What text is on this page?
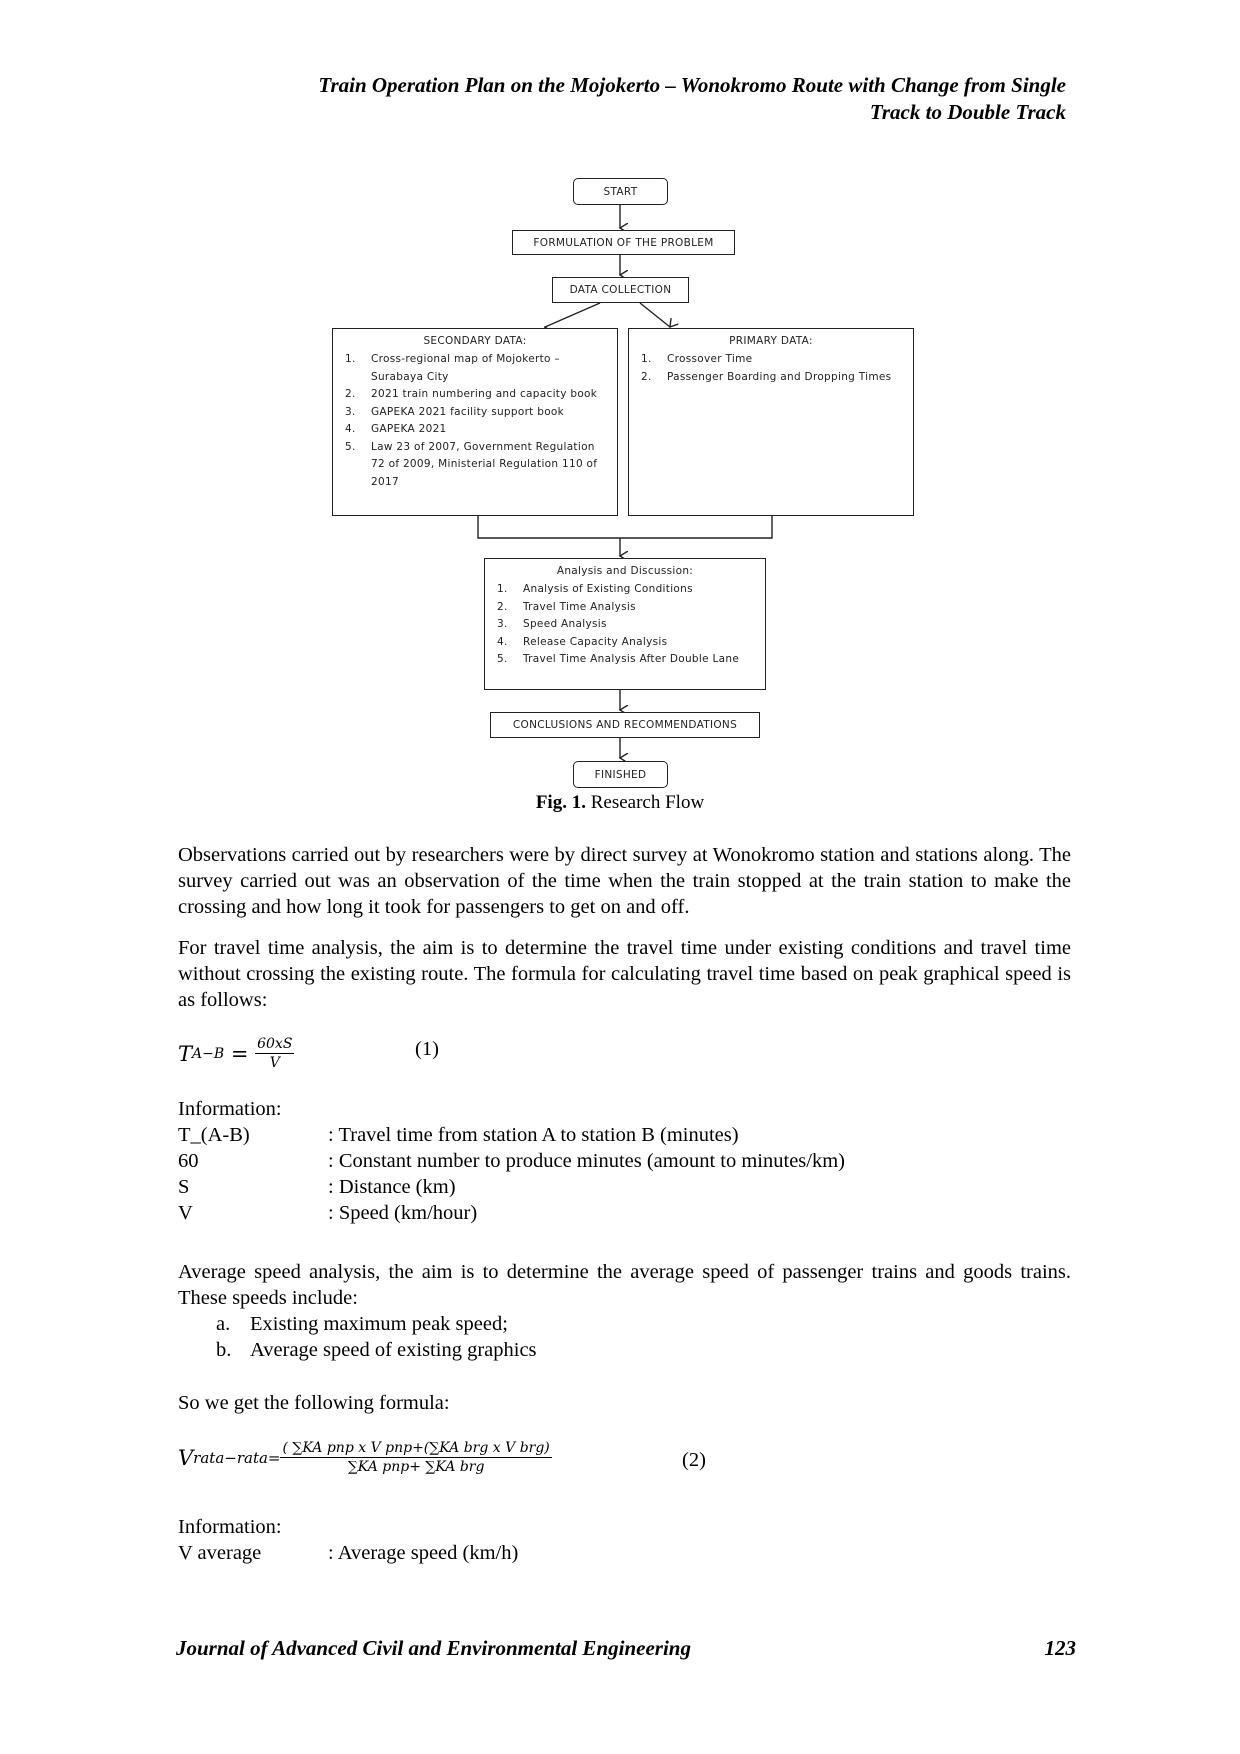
Train Operation Plan on the Mojokerto – Wonokromo Route with Change from Single
Track to Double Track
START
FORMULATION OF THE PROBLEM
DATA COLLECTION
SECONDARY DATA:
1.	Cross-regional map of Mojokerto – Surabaya City
2.	2021 train numbering and capacity book
3.	GAPEKA 2021 facility support book
4.	GAPEKA 2021
5.	Law 23 of 2007, Government Regulation 72 of 2009, Ministerial Regulation 110 of 2017
PRIMARY DATA:
1.	Crossover Time
2.	Passenger Boarding and Dropping Times
Analysis and Discussion:
1.	Analysis of Existing Conditions
2.	Travel Time Analysis
3.	Speed Analysis
4.	Release Capacity Analysis
5.	Travel Time Analysis After Double Lane
CONCLUSIONS AND RECOMMENDATIONS
FINISHED
Fig. 1. Research Flow
Observations carried out by researchers were by direct survey at Wonokromo station and stations along. The survey carried out was an observation of the time when the train stopped at the train station to make the crossing and how long it took for passengers to get on and off.
For travel time analysis, the aim is to determine the travel time under existing conditions and travel time without crossing the existing route. The formula for calculating travel time based on peak graphical speed is as follows:
T $A-B = \frac{60xS}{V}$	(1)
Information:
T_(A-B)	: Travel time from station A to station B (minutes)
60	: Constant number to produce minutes (amount to minutes/km)
S	: Distance (km)
V	: Speed (km/hour)
Average speed analysis, the aim is to determine the average speed of passenger trains and goods trains. These speeds include:
a. Existing maximum peak speed;
b. Average speed of existing graphics
So we get the following formula:
V rata−rata= $\frac{\text{( ∑KA pnp x V pnp+(∑KA brg x V brg)}}{\text{∑KA pnp+ ∑KA brg}}$	(2)
Information:
V average	: Average speed (km/h)
Journal of Advanced Civil and Environmental Engineering	123
